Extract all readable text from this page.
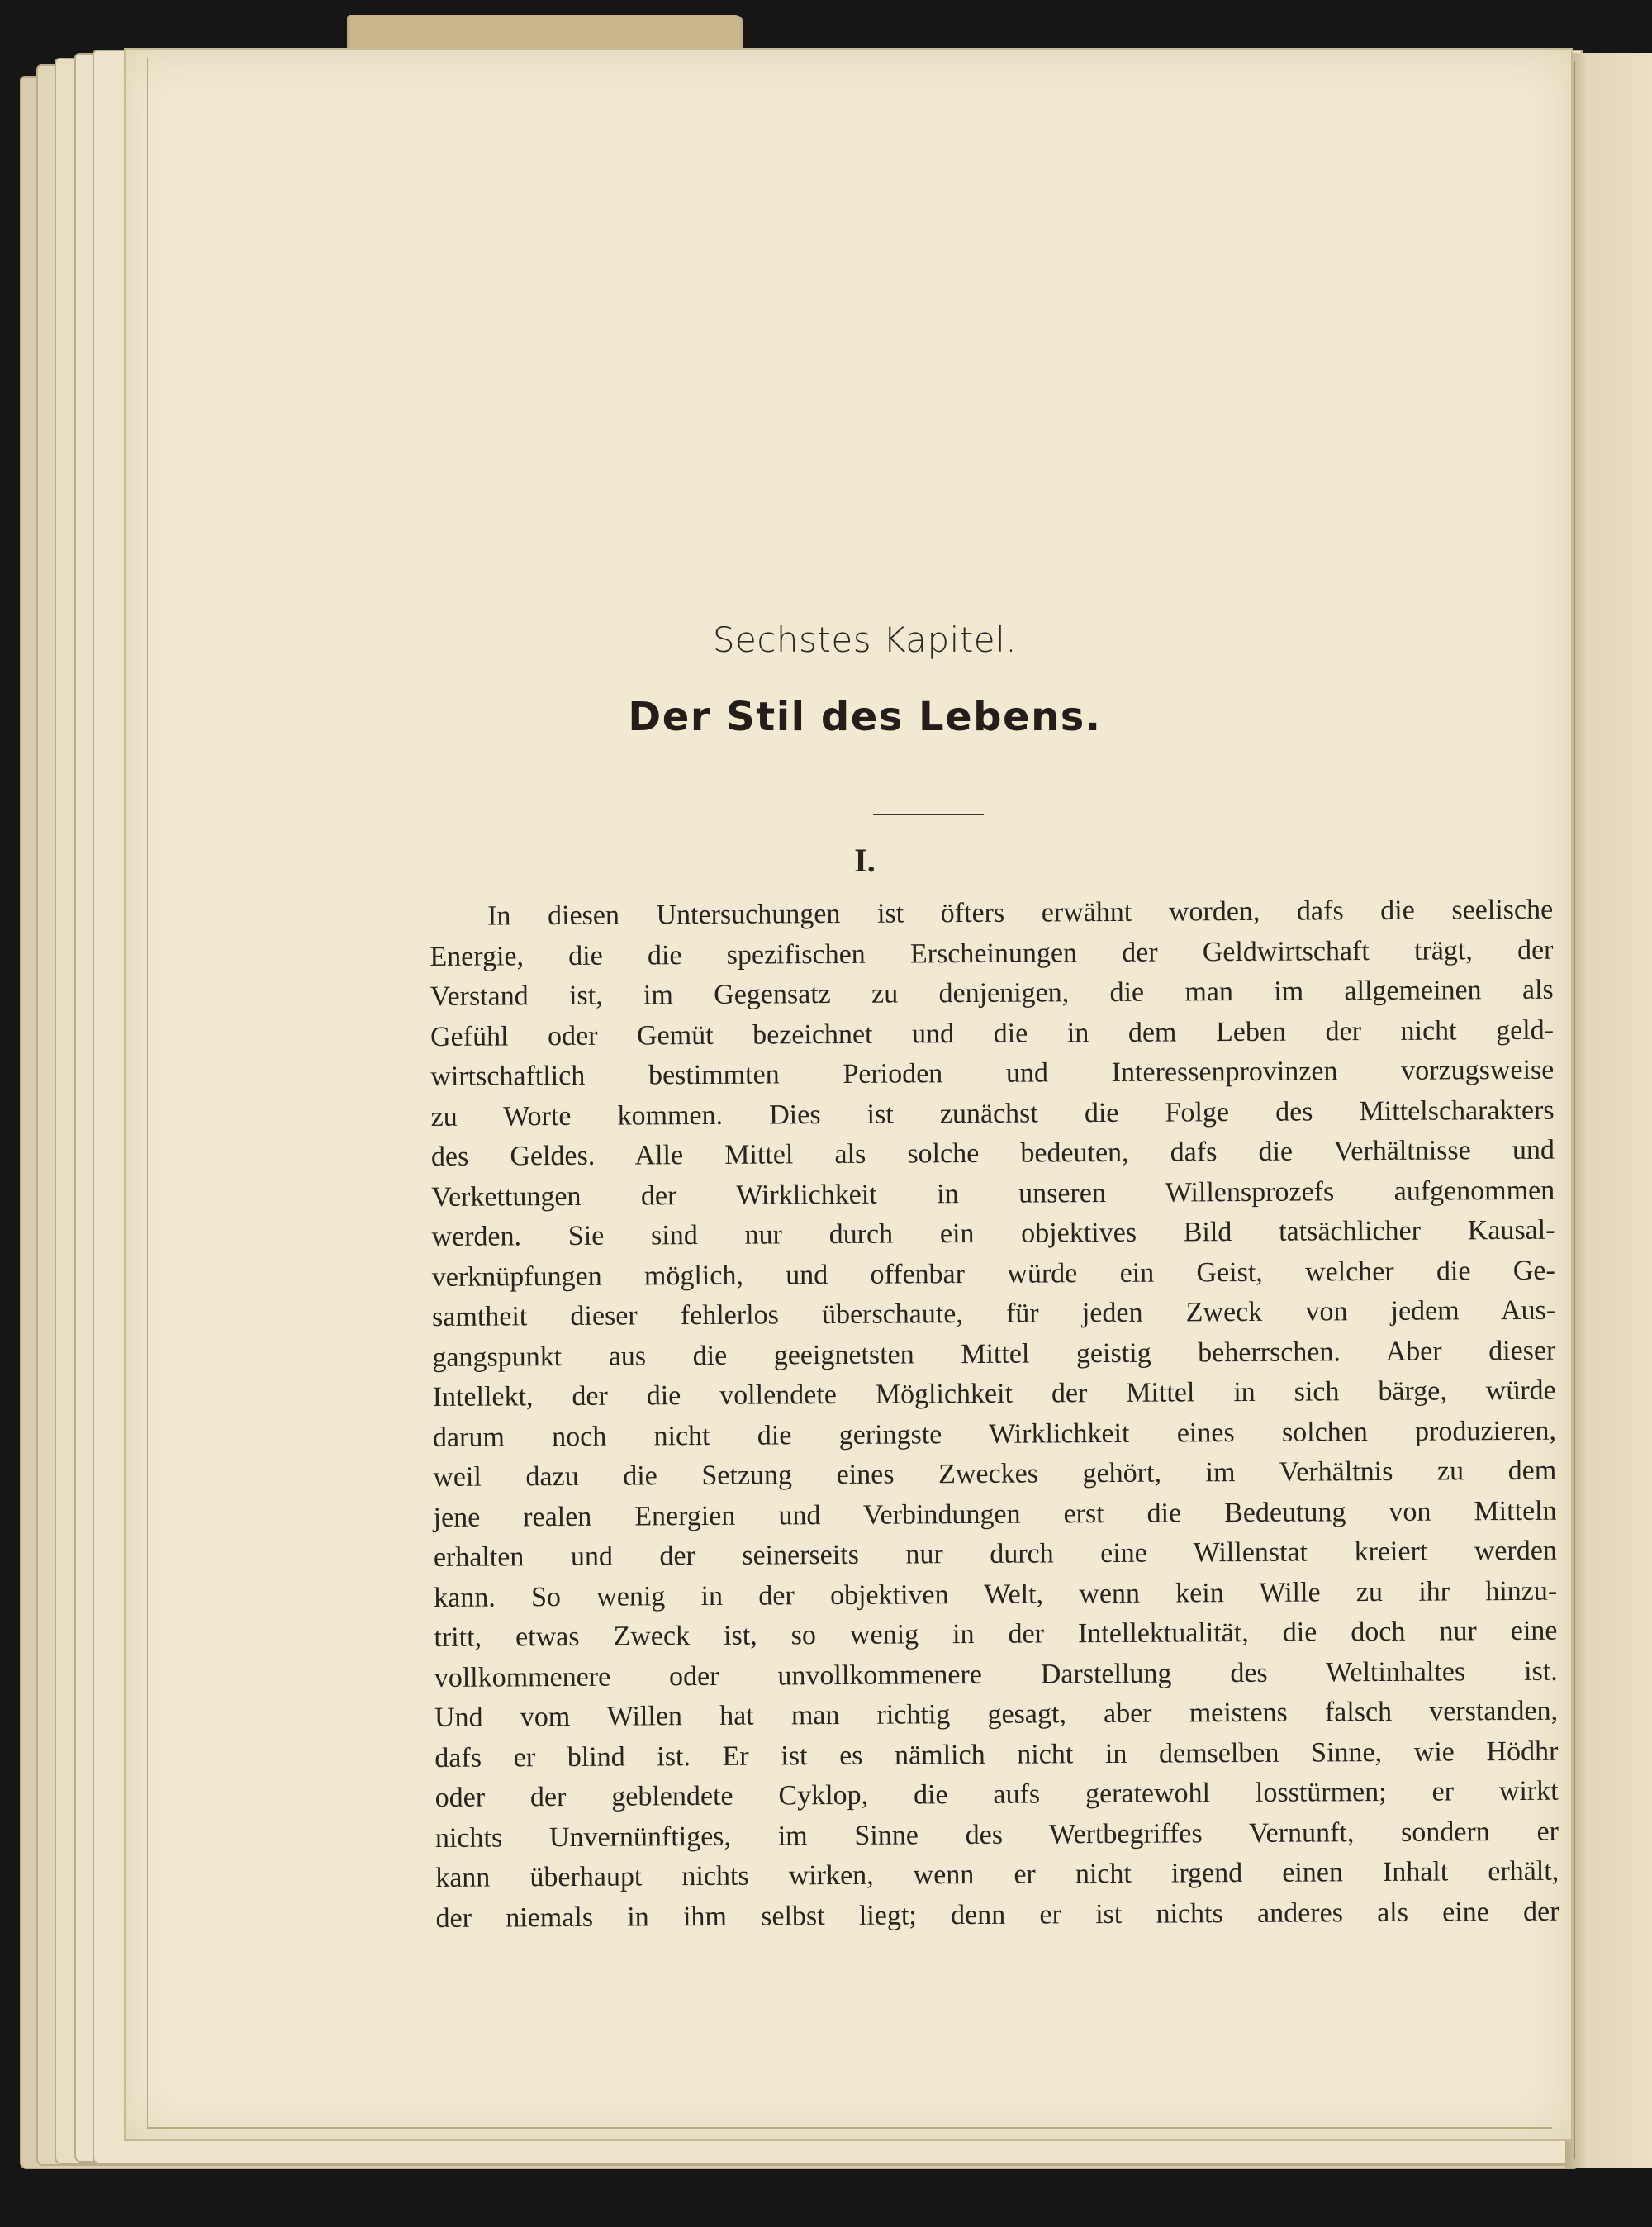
Sechstes Kapitel.
Der Stil des Lebens.
I.
In diesen Untersuchungen ist öfters erwähnt worden, dafs die seelische
Energie, die die spezifischen Erscheinungen der Geldwirtschaft trägt, der
Verstand ist, im Gegensatz zu denjenigen, die man im allgemeinen als
Gefühl oder Gemüt bezeichnet und die in dem Leben der nicht geld-
wirtschaftlich bestimmten Perioden und Interessenprovinzen vorzugsweise
zu Worte kommen. Dies ist zunächst die Folge des Mittelscharakters
des Geldes. Alle Mittel als solche bedeuten, dafs die Verhältnisse und
Verkettungen der Wirklichkeit in unseren Willensprozefs aufgenommen
werden. Sie sind nur durch ein objektives Bild tatsächlicher Kausal-
verknüpfungen möglich, und offenbar würde ein Geist, welcher die Ge-
samtheit dieser fehlerlos überschaute, für jeden Zweck von jedem Aus-
gangspunkt aus die geeignetsten Mittel geistig beherrschen. Aber dieser
Intellekt, der die vollendete Möglichkeit der Mittel in sich bärge, würde
darum noch nicht die geringste Wirklichkeit eines solchen produzieren,
weil dazu die Setzung eines Zweckes gehört, im Verhältnis zu dem
jene realen Energien und Verbindungen erst die Bedeutung von Mitteln
erhalten und der seinerseits nur durch eine Willenstat kreiert werden
kann. So wenig in der objektiven Welt, wenn kein Wille zu ihr hinzu-
tritt, etwas Zweck ist, so wenig in der Intellektualität, die doch nur eine
vollkommenere oder unvollkommenere Darstellung des Weltinhaltes ist.
Und vom Willen hat man richtig gesagt, aber meistens falsch verstanden,
dafs er blind ist. Er ist es nämlich nicht in demselben Sinne, wie Hödhr
oder der geblendete Cyklop, die aufs geratewohl losstürmen; er wirkt
nichts Unvernünftiges, im Sinne des Wertbegriffes Vernunft, sondern er
kann überhaupt nichts wirken, wenn er nicht irgend einen Inhalt erhält,
der niemals in ihm selbst liegt; denn er ist nichts anderes als eine der
